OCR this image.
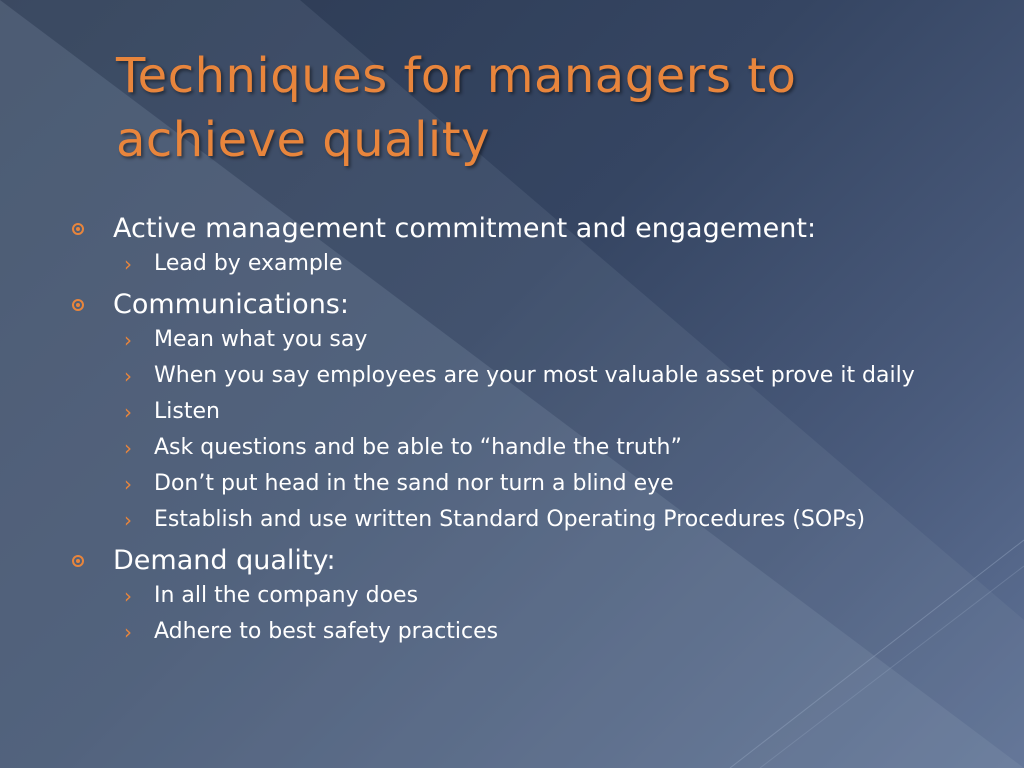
Techniques for managers to achieve quality
Active management commitment and engagement:
› Lead by example
Communications:
› Mean what you say
› When you say employees are your most valuable asset prove it daily
› Listen
› Ask questions and be able to “handle the truth”
› Don’t put head in the sand nor turn a blind eye
› Establish and use written Standard Operating Procedures (SOPs)
Demand quality:
› In all the company does
› Adhere to best safety practices
